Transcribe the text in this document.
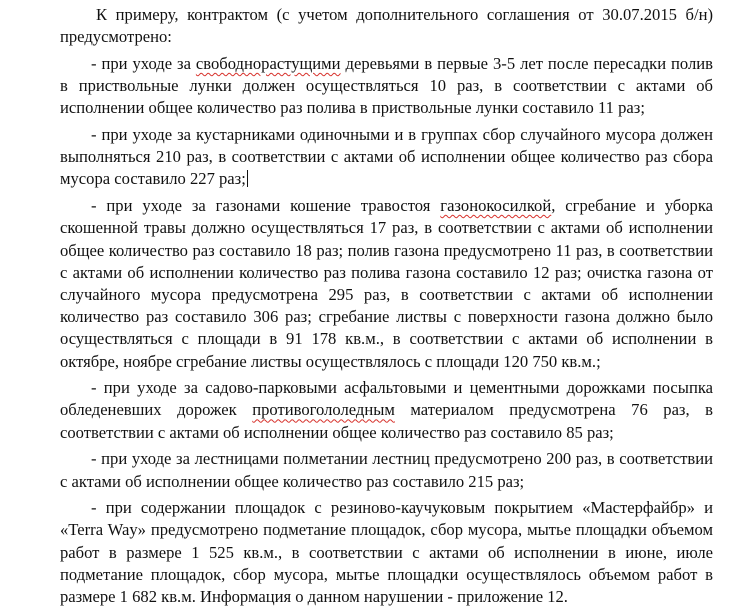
К примеру, контрактом (с учетом дополнительного соглашения от 30.07.2015 б/н) предусмотрено:

- при уходе за свободнорастущими деревьями в первые 3-5 лет после пересадки полив в приствольные лунки должен осуществляться 10 раз, в соответствии с актами об исполнении общее количество раз полива в приствольные лунки составило 11 раз;

- при уходе за кустарниками одиночными и в группах сбор случайного мусора должен выполняться 210 раз, в соответствии с актами об исполнении общее количество раз сбора мусора составило 227 раз;

- при уходе за газонами кошение травостоя газонокосилкой, сгребание и уборка скошенной травы должно осуществляться 17 раз, в соответствии с актами об исполнении общее количество раз составило 18 раз; полив газона предусмотрено 11 раз, в соответствии с актами об исполнении количество раз полива газона составило 12 раз; очистка газона от случайного мусора предусмотрена 295 раз, в соответствии с актами об исполнении количество раз составило 306 раз; сгребание листвы с поверхности газона должно было осуществляться с площади в 91 178 кв.м., в соответствии с актами об исполнении в октябре, ноябре сгребание листвы осуществлялось с площади 120 750 кв.м.;

- при уходе за садово-парковыми асфальтовыми и цементными дорожками посыпка обледеневших дорожек противогололедным материалом предусмотрена 76 раз, в соответствии с актами об исполнении общее количество раз составило 85 раз;

- при уходе за лестницами полметании лестниц предусмотрено 200 раз, в соответствии с актами об исполнении общее количество раз составило 215 раз;

- при содержании площадок с резиново-каучуковым покрытием «Мастерфайбр» и «Terra Way» предусмотрено подметание площадок, сбор мусора, мытье площадки объемом работ в размере 1 525 кв.м., в соответствии с актами об исполнении в июне, июле подметание площадок, сбор мусора, мытье площадки осуществлялось объемом работ в размере 1 682 кв.м. Информация о данном нарушении - приложение 12.
